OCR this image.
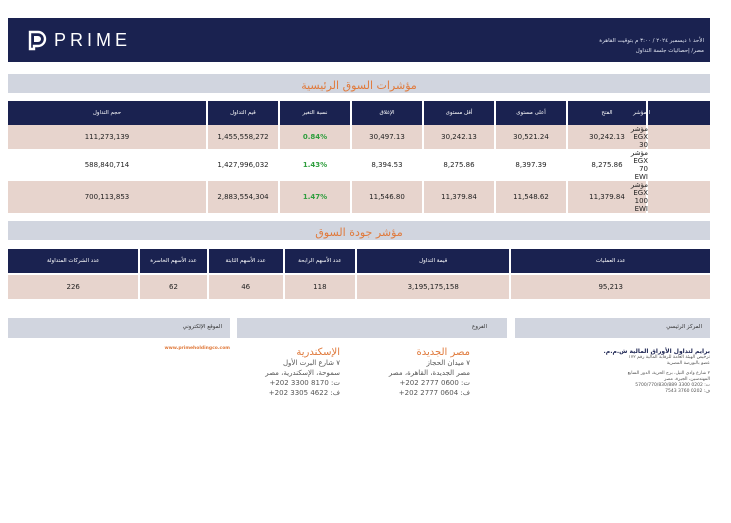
PRIME	الأحد ١ ديسمبر ٢٠٢٤ / ٣:٠٠ م بتوقيت القاهرة
مصر/ إحصائيات جلسة التداول
مؤشرات السوق الرئيسية
حجم التداول	قيم التداول	نسبة التغير	الإغلاق	أقل مستوى	أعلى مستوى	الفتح	المؤشر
111,273,139	1,455,558,272	0.84%	30,497.13	30,242.13	30,521.24	30,242.13	مؤشر EGX 30
588,840,714	1,427,996,032	1.43%	8,394.53	8,275.86	8,397.39	8,275.86	مؤشر EGX 70 EWI
700,113,853	2,883,554,304	1.47%	11,546.80	11,379.84	11,548.62	11,379.84	مؤشر EGX 100 EWI
مؤشر جودة السوق
عدد الشركات المتداولة	عدد الأسهم الخاسرة	عدد الأسهم الثابتة	عدد الأسهم الرابحة	قيمة التداول	عدد العمليات

226	62	46	118	3,195,175,158	95,213
الموقع الإلكتروني	الفروع	المركز الرئيسي
www.primeholdingco.com	الإسكندرية
٧ شارع البرت الأول
سموحة، الإسكندرية، مصر
ت: 8170 3300 202+
ف: 4622 3305 202+
مصر الجديدة
٧ ميدان الحجاز
مصر الجديدة، القاهرة، مصر
ت: 0600 2777 202+
ف: 0604 2777 202+
برايم لتداول الأوراق المالية ش.م.م.
ترخيص الهيئة العامة للرقابة المالية رقم ١٧٢
عضو بالبورصة المصرية
٢ شارع وادي النيل، برج الحرية، الدور السابع
المهندسين، الجيزة، مصر
ت: 0202 3300 5700/770/830/889
ف: 0202 3760 7543
